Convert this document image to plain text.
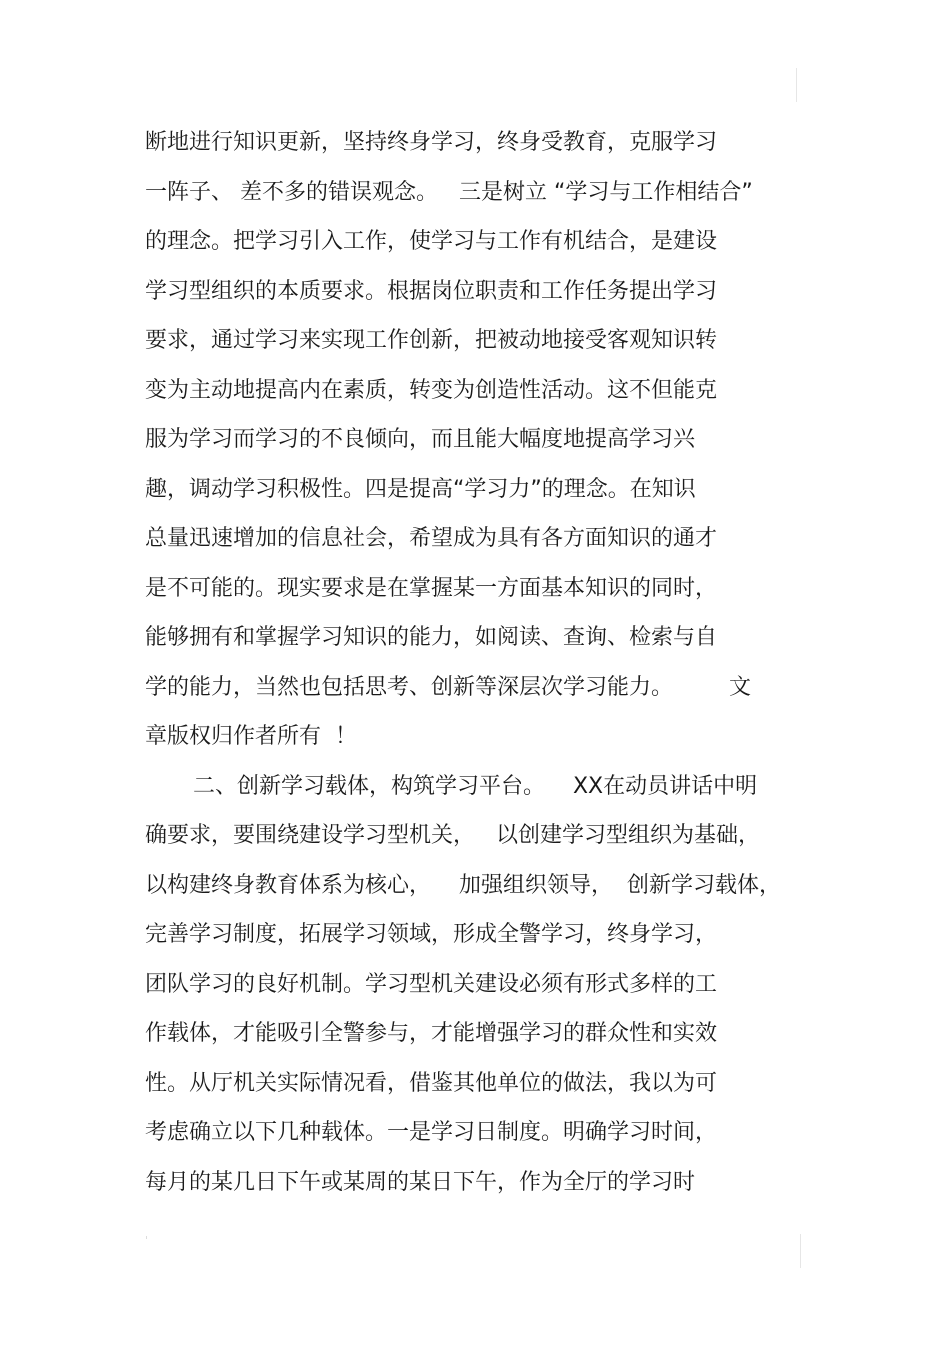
断地进行知识更新，坚持终身学习，终身受教育，克服学习
一阵子、 差不多的错误观念。   三是树立 “学习与工作相结合”
的理念。把学习引入工作，使学习与工作有机结合，是建设
学习型组织的本质要求。根据岗位职责和工作任务提出学习
要求，通过学习来实现工作创新，把被动地接受客观知识转
变为主动地提高内在素质，转变为创造性活动。这不但能克
服为学习而学习的不良倾向，而且能大幅度地提高学习兴
趣，调动学习积极性。四是提高“学习力”的理念。在知识
总量迅速增加的信息社会，希望成为具有各方面知识的通才
是不可能的。现实要求是在掌握某一方面基本知识的同时，
能够拥有和掌握学习知识的能力，如阅读、查询、检索与自
学的能力，当然也包括思考、创新等深层次学习能力。        文
章版权归作者所有  ！
二、创新学习载体，构筑学习平台。    XX在动员讲话中明
确要求，要围绕建设学习型机关，   以创建学习型组织为基础，
以构建终身教育体系为核心，    加强组织领导，  创新学习载体，
完善学习制度，拓展学习领域，形成全警学习，终身学习，
团队学习的良好机制。学习型机关建设必须有形式多样的工
作载体，才能吸引全警参与，才能增强学习的群众性和实效
性。从厅机关实际情况看，借鉴其他单位的做法，我以为可
考虑确立以下几种载体。一是学习日制度。明确学习时间，
每月的某几日下午或某周的某日下午，作为全厅的学习时
